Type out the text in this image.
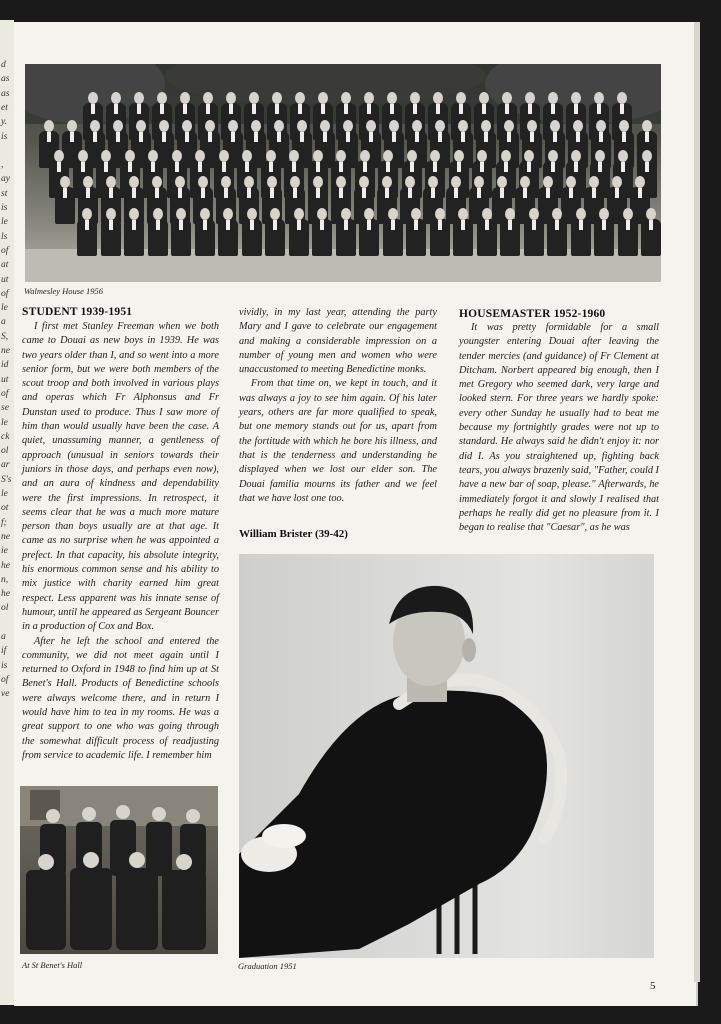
d
as
as
et
y.
is
,
ay
st
is
le
ls
of
at
ut
of
le
a
S,
ne
id
ut
of
se
le
ck
ol
ar
S's
le
ot
f;
ne
ie
he
n,
he
ol
a
if
is
of
ve
Walmesley House 1956
STUDENT 1939-1951

I first met Stanley Freeman when we both came to Douai as new boys in 1939. He was two years older than I, and so went into a more senior form, but we were both members of the scout troop and both involved in various plays and operas which Fr Alphonsus and Fr Dunstan used to produce. Thus I saw more of him than would usually have been the case. A quiet, unassuming manner, a gentleness of approach (unusual in seniors towards their juniors in those days, and perhaps even now), and an aura of kindness and dependability were the first impressions. In retrospect, it seems clear that he was a much more mature person than boys usually are at that age. It came as no surprise when he was appointed a prefect. In that capacity, his absolute integrity, his enormous common sense and his ability to mix justice with charity earned him great respect. Less apparent was his innate sense of humour, until he appeared as Sergeant Bouncer in a production of Cox and Box.

After he left the school and entered the community, we did not meet again until I returned to Oxford in 1948 to find him up at St Benet's Hall. Products of Benedictine schools were always welcome there, and in return I would have him to tea in my rooms. He was a great support to one who was going through the somewhat difficult process of readjusting from service to academic life. I remember him

At St Benet's Hall

vividly, in my last year, attending the party Mary and I gave to celebrate our engagement and making a considerable impression on a number of young men and women who were unaccustomed to meeting Benedictine monks.

From that time on, we kept in touch, and it was always a joy to see him again. Of his later years, others are far more qualified to speak, but one memory stands out for us, apart from the fortitude with which he bore his illness, and that is the tenderness and understanding he displayed when we lost our elder son. The Douai familia mourns its father and we feel that we have lost one too.

William Brister (39-42)
HOUSEMASTER 1952-1960

It was pretty formidable for a small youngster entering Douai after leaving the tender mercies (and guidance) of Fr Clement at Ditcham. Norbert appeared big enough, then I met Gregory who seemed dark, very large and looked stern. For three years we hardly spoke: every other Sunday he usually had to beat me because my fortnightly grades were not up to standard. He always said he didn't enjoy it: nor did I. As you straightened up, fighting back tears, you always brazenly said, "Father, could I have a new bar of soap, please." Afterwards, he immediately forgot it and slowly I realised that perhaps he really did get no pleasure from it. I began to realise that "Caesar", as he was

Graduation 1951
5
